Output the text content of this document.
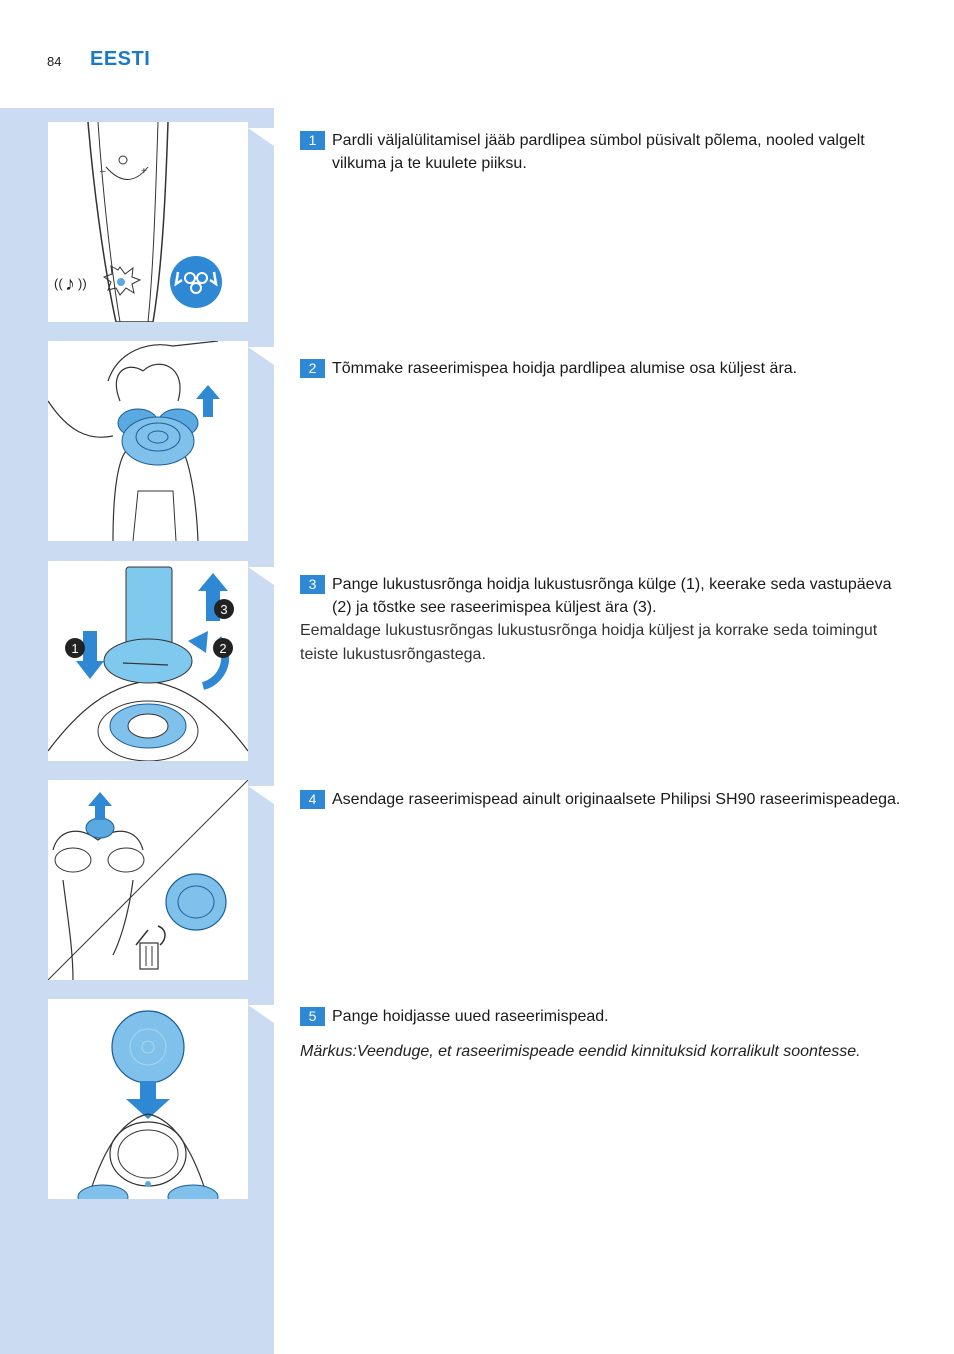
84 EESTI
–	+
(( ♪ ))
1	2
3
1 Pardli väljalülitamisel jääb pardlipea sümbol püsivalt põlema, nooled valgelt vilkuma ja te kuulete piiksu.
2 Tõmmake raseerimispea hoidja pardlipea alumise osa küljest ära.
3 Pange lukustusrõnga hoidja lukustusrõnga külge (1), keerake seda vastupäeva (2) ja tõstke see raseerimispea küljest ära (3).
Eemaldage lukustusrõngas lukustusrõnga hoidja küljest ja korrake seda toimingut teiste lukustusrõngastega.
4 Asendage raseerimispead ainult originaalsete Philipsi SH90 raseerimispeadega.
5 Pange hoidjasse uued raseerimispead.
Märkus:Veenduge, et raseerimispeade eendid kinnituksid korralikult soontesse.
